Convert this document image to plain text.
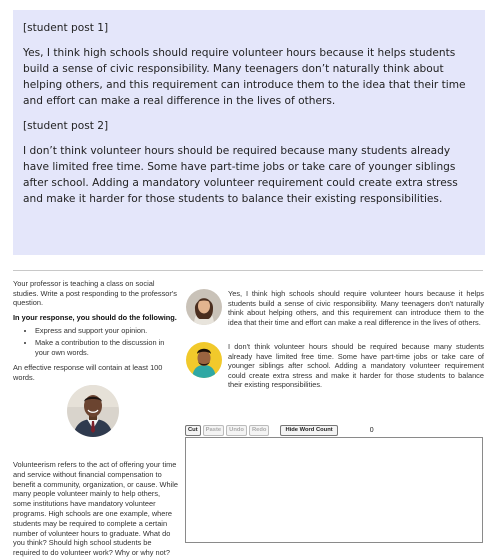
[student post 1]

Yes, I think high schools should require volunteer hours because it helps students build a sense of civic responsibility. Many teenagers don’t naturally think about helping others, and this requirement can introduce them to the idea that their time and effort can make a real difference in the lives of others.

[student post 2]

I don’t think volunteer hours should be required because many students already have limited free time. Some have part-time jobs or take care of younger siblings after school. Adding a mandatory volunteer requirement could create extra stress and make it harder for those students to balance their existing responsibilities.

Your professor is teaching a class on social studies. Write a post responding to the professor's question.

In your response, you should do the following.

• Express and support your opinion.
• Make a contribution to the discussion in your own words.

An effective response will contain at least 100 words.

Volunteerism refers to the act of offering your time and service without financial compensation to benefit a community, organization, or cause. While many people volunteer mainly to help others, some institutions have mandatory volunteer programs. High schools are one example, where students may be required to complete a certain number of volunteer hours to graduate. What do you think? Should high school students be required to do volunteer work? Why or why not?
Yes, I think high schools should require volunteer hours because it helps students build a sense of civic responsibility. Many teenagers don't naturally think about helping others, and this requirement can introduce them to the idea that their time and effort can make a real difference in the lives of others.
I don't think volunteer hours should be required because many students already have limited free time. Some have part-time jobs or take care of younger siblings after school. Adding a mandatory volunteer requirement could create extra stress and make it harder for those students to balance their existing responsibilities.
Cut	Paste	Undo	Redo	Hide Word Count	0
